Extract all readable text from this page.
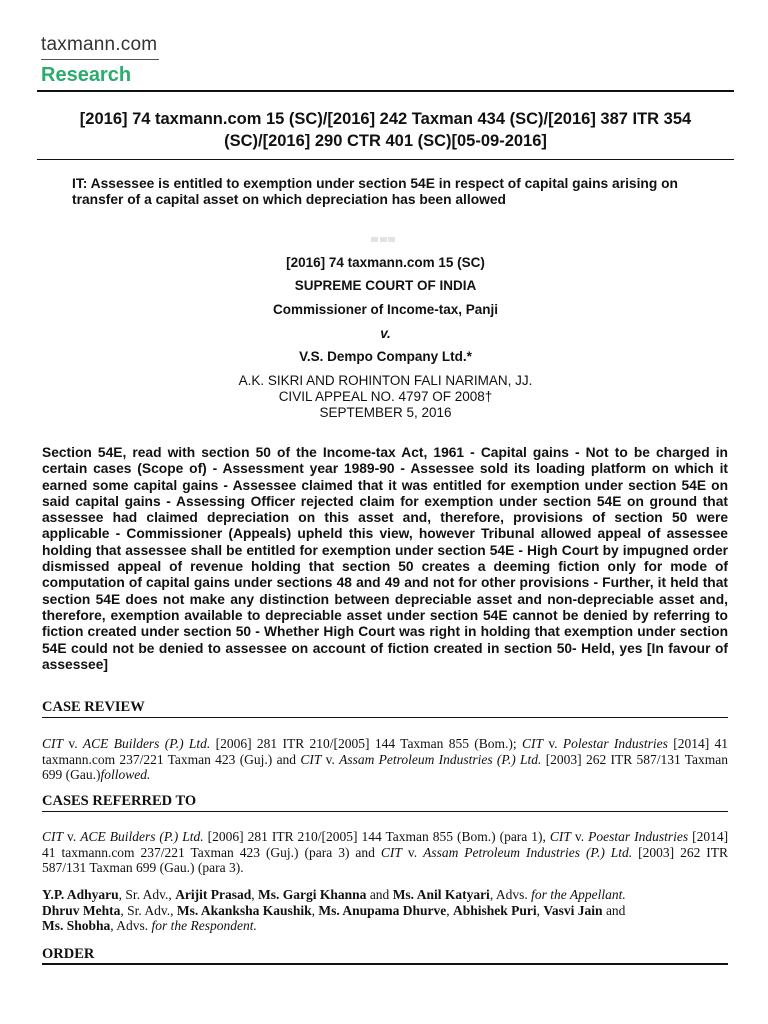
taxmann.com
Research
[2016] 74 taxmann.com 15 (SC)/[2016] 242 Taxman 434 (SC)/[2016] 387 ITR 354 (SC)/[2016] 290 CTR 401 (SC)[05-09-2016]
IT: Assessee is entitled to exemption under section 54E in respect of capital gains arising on transfer of a capital asset on which depreciation has been allowed
[2016] 74 taxmann.com 15 (SC)
SUPREME COURT OF INDIA
Commissioner of Income-tax, Panji
v.
V.S. Dempo Company Ltd.*
A.K. SIKRI AND ROHINTON FALI NARIMAN, JJ.
CIVIL APPEAL NO. 4797 OF 2008†
SEPTEMBER 5, 2016
Section 54E, read with section 50 of the Income-tax Act, 1961 - Capital gains - Not to be charged in certain cases (Scope of) - Assessment year 1989-90 - Assessee sold its loading platform on which it earned some capital gains - Assessee claimed that it was entitled for exemption under section 54E on said capital gains - Assessing Officer rejected claim for exemption under section 54E on ground that assessee had claimed depreciation on this asset and, therefore, provisions of section 50 were applicable - Commissioner (Appeals) upheld this view, however Tribunal allowed appeal of assessee holding that assessee shall be entitled for exemption under section 54E - High Court by impugned order dismissed appeal of revenue holding that section 50 creates a deeming fiction only for mode of computation of capital gains under sections 48 and 49 and not for other provisions - Further, it held that section 54E does not make any distinction between depreciable asset and non-depreciable asset and, therefore, exemption available to depreciable asset under section 54E cannot be denied by referring to fiction created under section 50 - Whether High Court was right in holding that exemption under section 54E could not be denied to assessee on account of fiction created in section 50- Held, yes [In favour of assessee]
CASE REVIEW
CIT v. ACE Builders (P.) Ltd. [2006] 281 ITR 210/[2005] 144 Taxman 855 (Bom.); CIT v. Polestar Industries [2014] 41 taxmann.com 237/221 Taxman 423 (Guj.) and CIT v. Assam Petroleum Industries (P.) Ltd. [2003] 262 ITR 587/131 Taxman 699 (Gau.)followed.
CASES REFERRED TO
CIT v. ACE Builders (P.) Ltd. [2006] 281 ITR 210/[2005] 144 Taxman 855 (Bom.) (para 1), CIT v. Poestar Industries [2014] 41 taxmann.com 237/221 Taxman 423 (Guj.) (para 3) and CIT v. Assam Petroleum Industries (P.) Ltd. [2003] 262 ITR 587/131 Taxman 699 (Gau.) (para 3).
Y.P. Adhyaru, Sr. Adv., Arijit Prasad, Ms. Gargi Khanna and Ms. Anil Katyari, Advs. for the Appellant.
Dhruv Mehta, Sr. Adv., Ms. Akanksha Kaushik, Ms. Anupama Dhurve, Abhishek Puri, Vasvi Jain and
Ms. Shobha, Advs. for the Respondent.
ORDER
